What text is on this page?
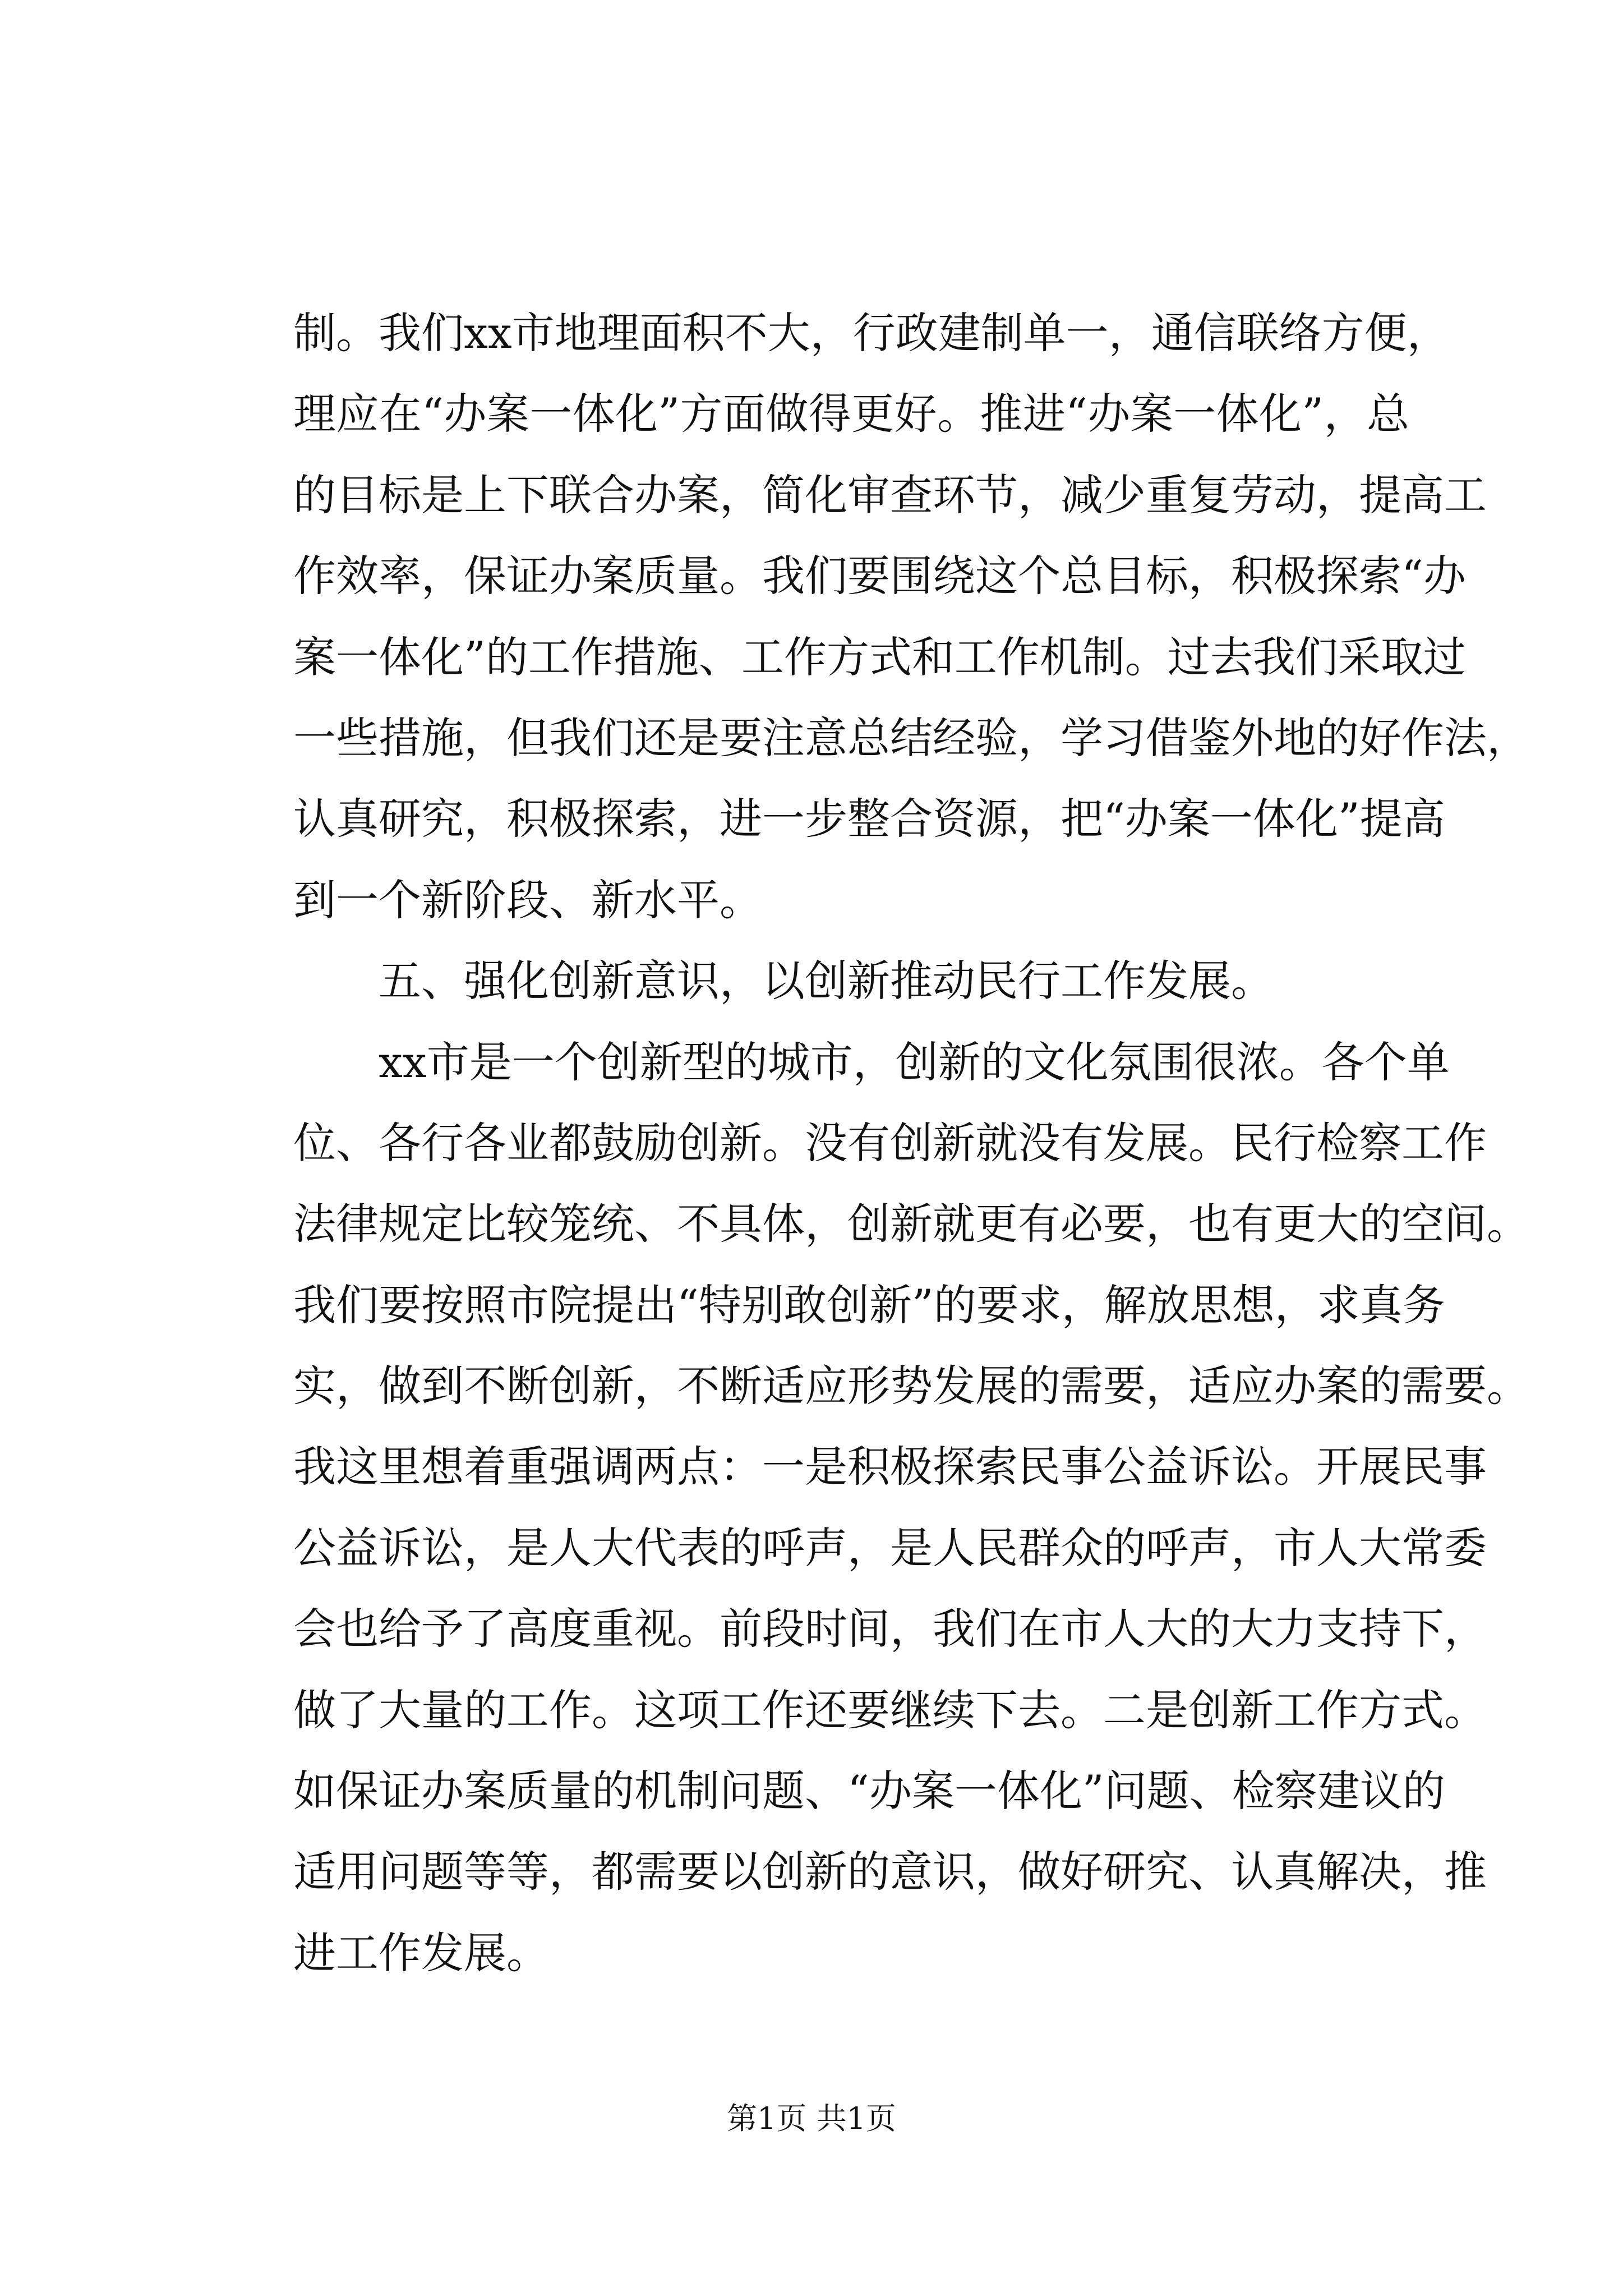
制。我们xx市地理面积不大，行政建制单一，通信联络方便，
理应在“办案一体化”方面做得更好。推进“办案一体化”，总
的目标是上下联合办案，简化审查环节，减少重复劳动，提高工
作效率，保证办案质量。我们要围绕这个总目标，积极探索“办
案一体化”的工作措施、工作方式和工作机制。过去我们采取过
一些措施，但我们还是要注意总结经验，学习借鉴外地的好作法，
认真研究，积极探索，进一步整合资源，把“办案一体化”提高
到一个新阶段、新水平。
五、强化创新意识，以创新推动民行工作发展。
xx市是一个创新型的城市，创新的文化氛围很浓。各个单
位、各行各业都鼓励创新。没有创新就没有发展。民行检察工作
法律规定比较笼统、不具体，创新就更有必要，也有更大的空间。
我们要按照市院提出“特别敢创新”的要求，解放思想，求真务
实，做到不断创新，不断适应形势发展的需要，适应办案的需要。
我这里想着重强调两点：一是积极探索民事公益诉讼。开展民事
公益诉讼，是人大代表的呼声，是人民群众的呼声，市人大常委
会也给予了高度重视。前段时间，我们在市人大的大力支持下，
做了大量的工作。这项工作还要继续下去。二是创新工作方式。
如保证办案质量的机制问题、“办案一体化”问题、检察建议的
适用问题等等，都需要以创新的意识，做好研究、认真解决，推
进工作发展。
第1页 共1页
